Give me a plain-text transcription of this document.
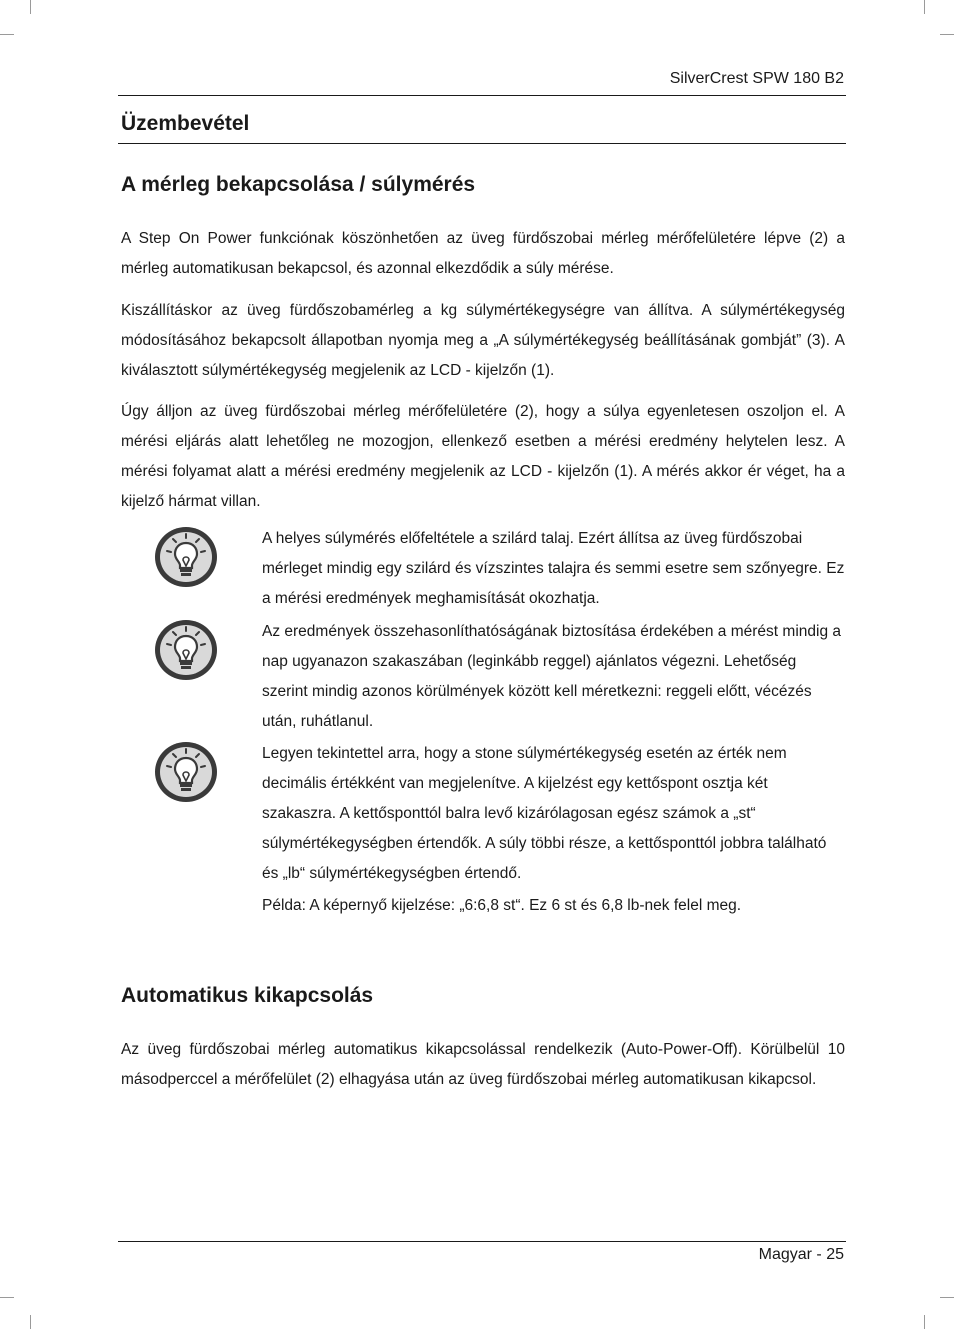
SilverCrest SPW 180 B2
Üzembevétel
A mérleg bekapcsolása / súlymérés

A Step On Power funkciónak köszönhetően az üveg fürdőszobai mérleg mérőfelületére lépve (2) a mérleg automatikusan bekapcsol, és azonnal elkezdődik a súly mérése.

Kiszállításkor az üveg fürdőszobamérleg a kg súlymértékegységre van állítva. A súlymértékegység módosításához bekapcsolt állapotban nyomja meg a „A súlymértékegység beállításának gombját” (3). A kiválasztott súlymértékegység megjelenik az LCD - kijelzőn (1).

Úgy álljon az üveg fürdőszobai mérleg mérőfelületére (2), hogy a súlya egyenletesen oszoljon el. A mérési eljárás alatt lehetőleg ne mozogjon, ellenkező esetben a mérési eredmény helytelen lesz. A mérési folyamat alatt a mérési eredmény megjelenik az LCD - kijelzőn (1). A mérés akkor ér véget, ha a kijelző hármat villan.

A helyes súlymérés előfeltétele a szilárd talaj. Ezért állítsa az üveg fürdőszobai mérleget mindig egy szilárd és vízszintes talajra és semmi esetre sem szőnyegre. Ez a mérési eredmények meghamisítását okozhatja.

Az eredmények összehasonlíthatóságának biztosítása érdekében a mérést mindig a nap ugyanazon szakaszában (leginkább reggel) ajánlatos végezni. Lehetőség szerint mindig azonos körülmények között kell méretkezni: reggeli előtt, vécézés után, ruhátlanul.

Legyen tekintettel arra, hogy a stone súlymértékegység esetén az érték nem decimális értékként van megjelenítve. A kijelzést egy kettőspont osztja két szakaszra. A kettősponttól balra levő kizárólagosan egész számok a „st“ súlymértékegységben értendők. A súly többi része, a kettősponttól jobbra található és „lb“ súlymértékegységben értendő.

Példa: A képernyő kijelzése: „6:6,8 st“. Ez 6 st és 6,8 lb-nek felel meg.

Automatikus kikapcsolás

Az üveg fürdőszobai mérleg automatikus kikapcsolással rendelkezik (Auto-Power-Off). Körülbelül 10 másodperccel a mérőfelület (2) elhagyása után az üveg fürdőszobai mérleg automatikusan kikapcsol.

Magyar - 25
